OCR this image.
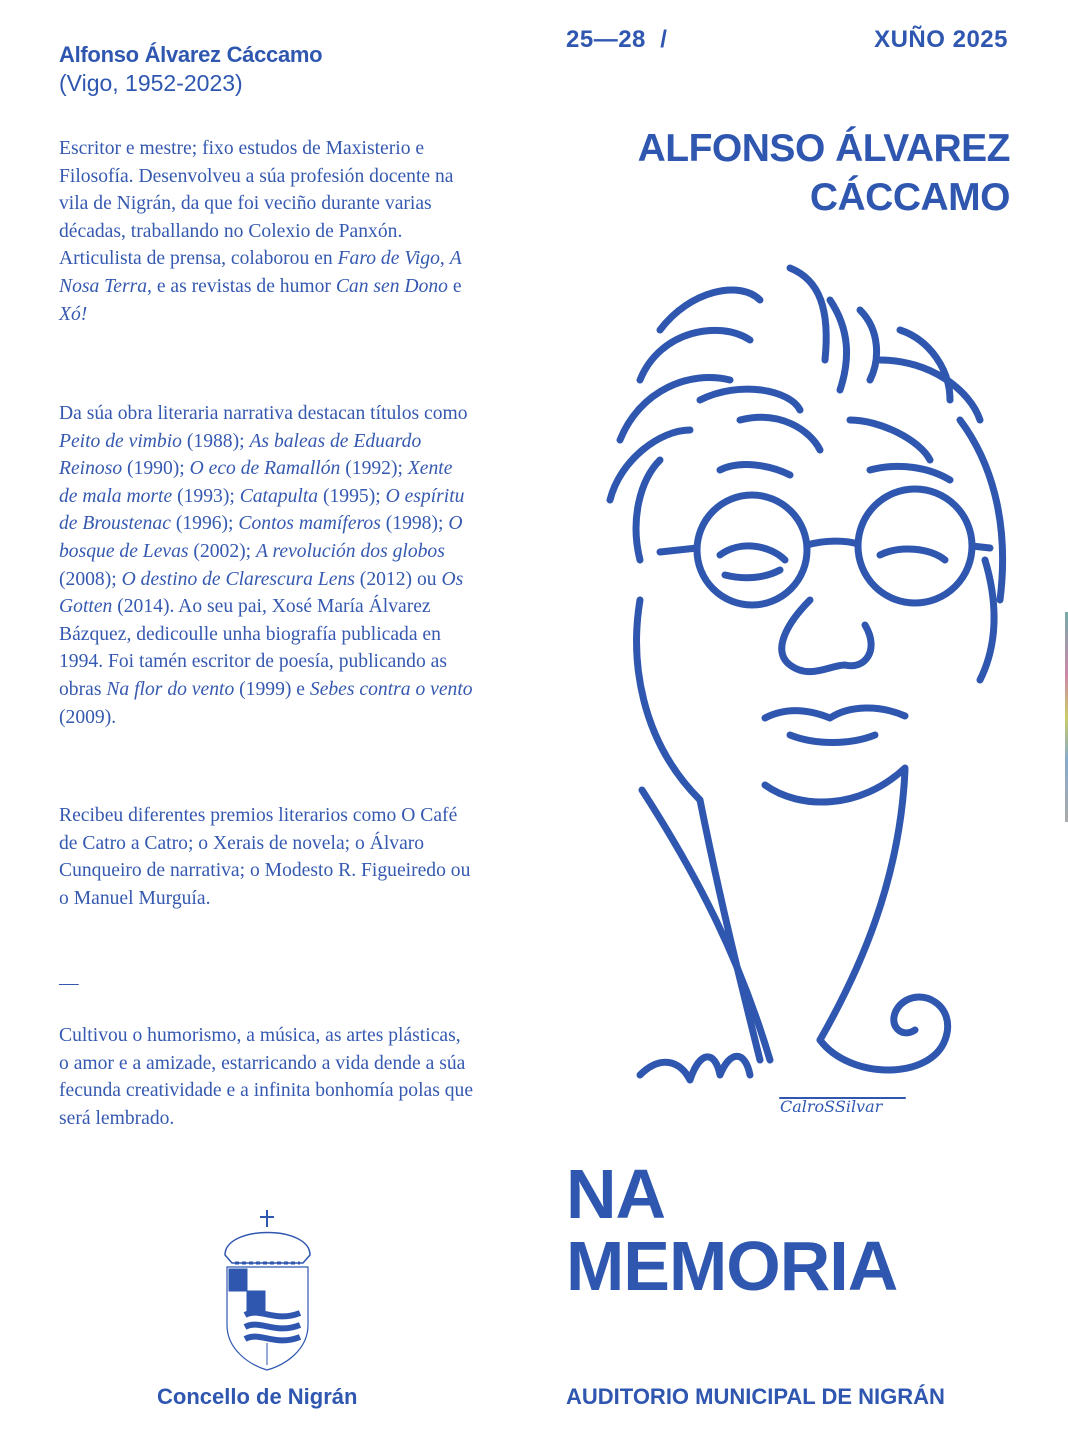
Alfonso Álvarez Cáccamo
(Vigo, 1952-2023)

Escritor e mestre; fixo estudos de Maxisterio e Filosofía. Desenvolveu a súa profesión docente na vila de Nigrán, da que foi veciño durante varias décadas, traballando no Colexio de Panxón. Articulista de prensa, colaborou en Faro de Vigo, A Nosa Terra, e as revistas de humor Can sen Dono e Xó!

Da súa obra literaria narrativa destacan títulos como Peito de vimbio (1988); As baleas de Eduardo Reinoso (1990); O eco de Ramallón (1992); Xente de mala morte (1993); Catapulta (1995); O espíritu de Broustenac (1996); Contos mamíferos (1998); O bosque de Levas (2002); A revolución dos globos (2008); O destino de Clarescura Lens (2012) ou Os Gotten (2014). Ao seu pai, Xosé María Álvarez Bázquez, dedicoulle unha biografía publicada en 1994. Foi tamén escritor de poesía, publicando as obras Na flor do vento (1999) e Sebes contra o vento (2009).

Recibeu diferentes premios literarios como O Café de Catro a Catro; o Xerais de novela; o Álvaro Cunqueiro de narrativa; o Modesto R. Figueiredo ou o Manuel Murguía.

—

Cultivou o humorismo, a música, as artes plásticas, o amor e a amizade, estarricando a vida dende a súa fecunda creatividade e a infinita bonhomía polas que será lembrado.

25—28  /	XUÑO 2025
ALFONSO ÁLVAREZ
CÁCCAMO
CalroSSilvar
NA
MEMORIA
AUDITORIO MUNICIPAL DE NIGRÁN
Concello de Nigrán
